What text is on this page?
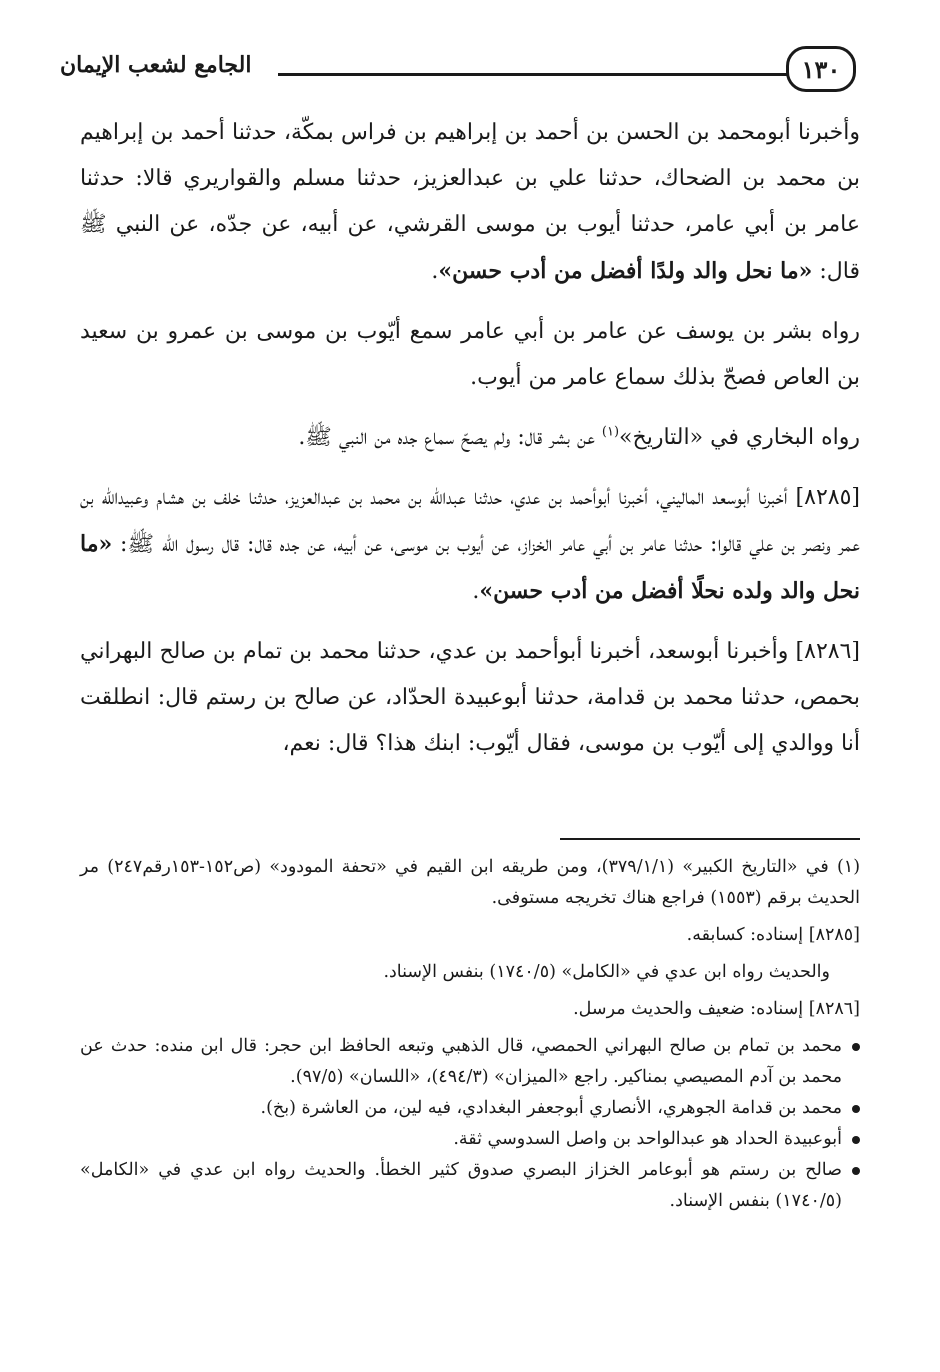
الجامع لشعب الإيمان	١٣٠

وأخبرنا أبومحمد بن الحسن بن أحمد بن إبراهيم بن فراس بمكّة، حدثنا أحمد بن إبراهيم بن محمد بن الضحاك، حدثنا علي بن عبدالعزيز، حدثنا مسلم والقواريري قالا: حدثنا عامر بن أبي عامر، حدثنا أيوب بن موسى القرشي، عن أبيه، عن جدّه، عن النبي ﷺ قال: «ما نحل والد ولدًا أفضل من أدب حسن».

رواه بشر بن يوسف عن عامر بن أبي عامر سمع أيّوب بن موسى بن عمرو بن سعيد بن العاص فصحّ بذلك سماع عامر من أيوب.

رواه البخاري في «التاريخ»$^{(١)}$ عن بشر قال: ولم يصحّ سماع جده من النبي ﷺ.

[٨٢٨٥] أخبرنا أبوسعد الماليني، أخبرنا أبوأحمد بن عدي، حدثنا عبدالله بن محمد بن عبدالعزيز، حدثنا خلف بن هشام وعبيدالله بن عمر ونصر بن علي قالوا: حدثنا عامر بن أبي عامر الخزاز، عن أيوب بن موسى، عن أبيه، عن جده قال: قال رسول الله ﷺ: «ما نحل والد ولده نحلًا أفضل من أدب حسن».

[٨٢٨٦] وأخبرنا أبوسعد، أخبرنا أبوأحمد بن عدي، حدثنا محمد بن تمام بن صالح البهراني بحمص، حدثنا محمد بن قدامة، حدثنا أبوعبيدة الحدّاد، عن صالح بن رستم قال: انطلقت أنا ووالدي إلى أيّوب بن موسى، فقال أيّوب: ابنك هذا؟ قال: نعم،

(١) في «التاريخ الكبير» (٣٧٩/١/١)، ومن طريقه ابن القيم في «تحفة المودود» (ص١٥٢-١٥٣رقم٢٤٧) مر الحديث برقم (١٥٥٣) فراجع هناك تخريجه مستوفى.

[٨٢٨٥] إسناده: كسابقه.

والحديث رواه ابن عدي في «الكامل» (١٧٤٠/٥) بنفس الإسناد.

[٨٢٨٦] إسناده: ضعيف والحديث مرسل.

محمد بن تمام بن صالح البهراني الحمصي، قال الذهبي وتبعه الحافظ ابن حجر: قال ابن منده: حدث عن محمد بن آدم المصيصي بمناكير. راجع «الميزان» (٤٩٤/٣)، «اللسان» (٩٧/٥).
محمد بن قدامة الجوهري، الأنصاري أبوجعفر البغدادي، فيه لين، من العاشرة (بخ).
أبوعبيدة الحداد هو عبدالواحد بن واصل السدوسي ثقة.
صالح بن رستم هو أبوعامر الخزاز البصري صدوق كثير الخطأ. والحديث رواه ابن عدي في «الكامل» (١٧٤٠/٥) بنفس الإسناد.
